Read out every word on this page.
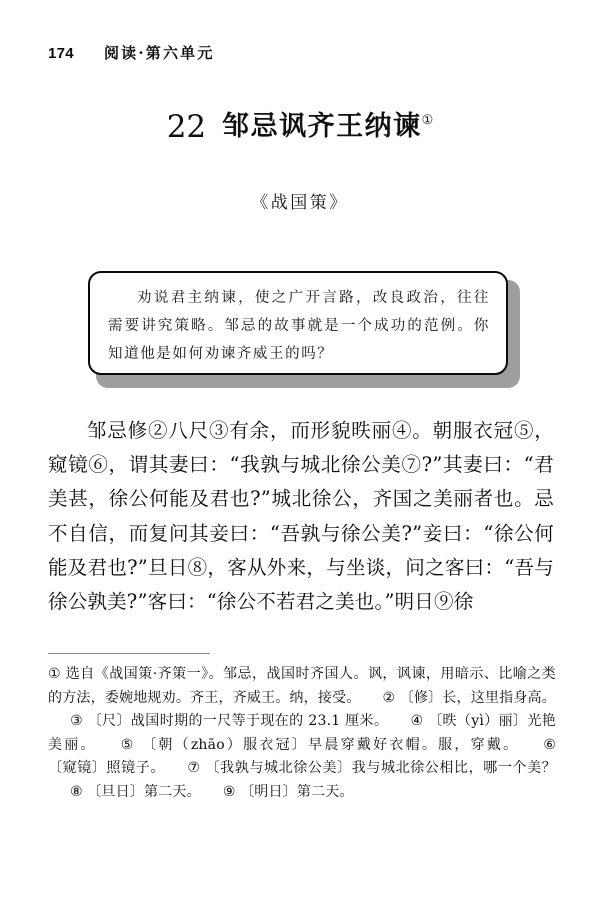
174 阅读·第六单元
22 邹忌讽齐王纳谏①
《战国策》
劝说君主纳谏，使之广开言路，改良政治，往往需要讲究策略。邹忌的故事就是一个成功的范例。你知道他是如何劝谏齐威王的吗？
邹忌修②八尺③有余，而形貌昳丽④。朝服衣冠⑤，窥镜⑥，谓其妻曰：“我孰与城北徐公美⑦?”其妻曰：“君美甚，徐公何能及君也?”城北徐公，齐国之美丽者也。忌不自信，而复问其妾曰：“吾孰与徐公美?”妾曰：“徐公何能及君也?”旦日⑧，客从外来，与坐谈，问之客曰：“吾与徐公孰美?”客曰：“徐公不若君之美也。”明日⑨徐
① 选自《战国策·齐策一》。邹忌，战国时齐国人。讽，讽谏，用暗示、比喻之类的方法，委婉地规劝。齐王，齐威王。纳，接受。 ② 〔修〕长，这里指身高。③ 〔尺〕战国时期的一尺等于现在的 23.1 厘米。 ④ 〔昳（yì）丽〕光艳美丽。 ⑤ 〔朝（zhāo）服衣冠〕早晨穿戴好衣帽。服，穿戴。 ⑥ 〔窥镜〕照镜子。 ⑦ 〔我孰与城北徐公美〕我与城北徐公相比，哪一个美？⑧ 〔旦日〕第二天。 ⑨ 〔明日〕第二天。
